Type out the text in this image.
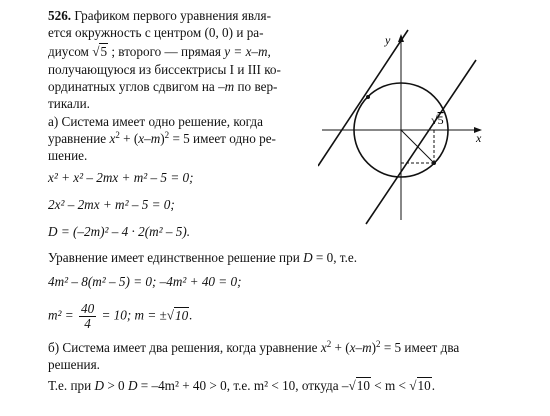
526. Графиком первого уравнения явля-
ется окружность с центром (0, 0) и ра-
диусом √5 ; второго — прямая y = x–m,
получающуюся из биссектрисы I и III ко-
ординатных углов сдвигом на –m по вер-
тикали.
а) Система имеет одно решение, когда
уравнение $x^2 + (x-m)^2 = 5$ имеет одно ре-
шение.
x² + x² – 2mx + m² – 5 = 0;
2x² – 2mx + m² – 5 = 0;
D = (–2m)² – 4 · 2(m² – 5).
Уравнение имеет единственное решение при D = 0, т.е.
4m² – 8(m² – 5) = 0; –4m² + 40 = 0;
$m^2 = \frac{40}{4} = 10$; m = ±√10.
б) Система имеет два решения, когда уравнение $x^2 + (x-m)^2 = 5$ имеет два
решения.
Т.е. при D > 0 D = –4m² + 40 > 0, т.е. m² < 10, откуда –√10 < m < √10.
y
x
√5
